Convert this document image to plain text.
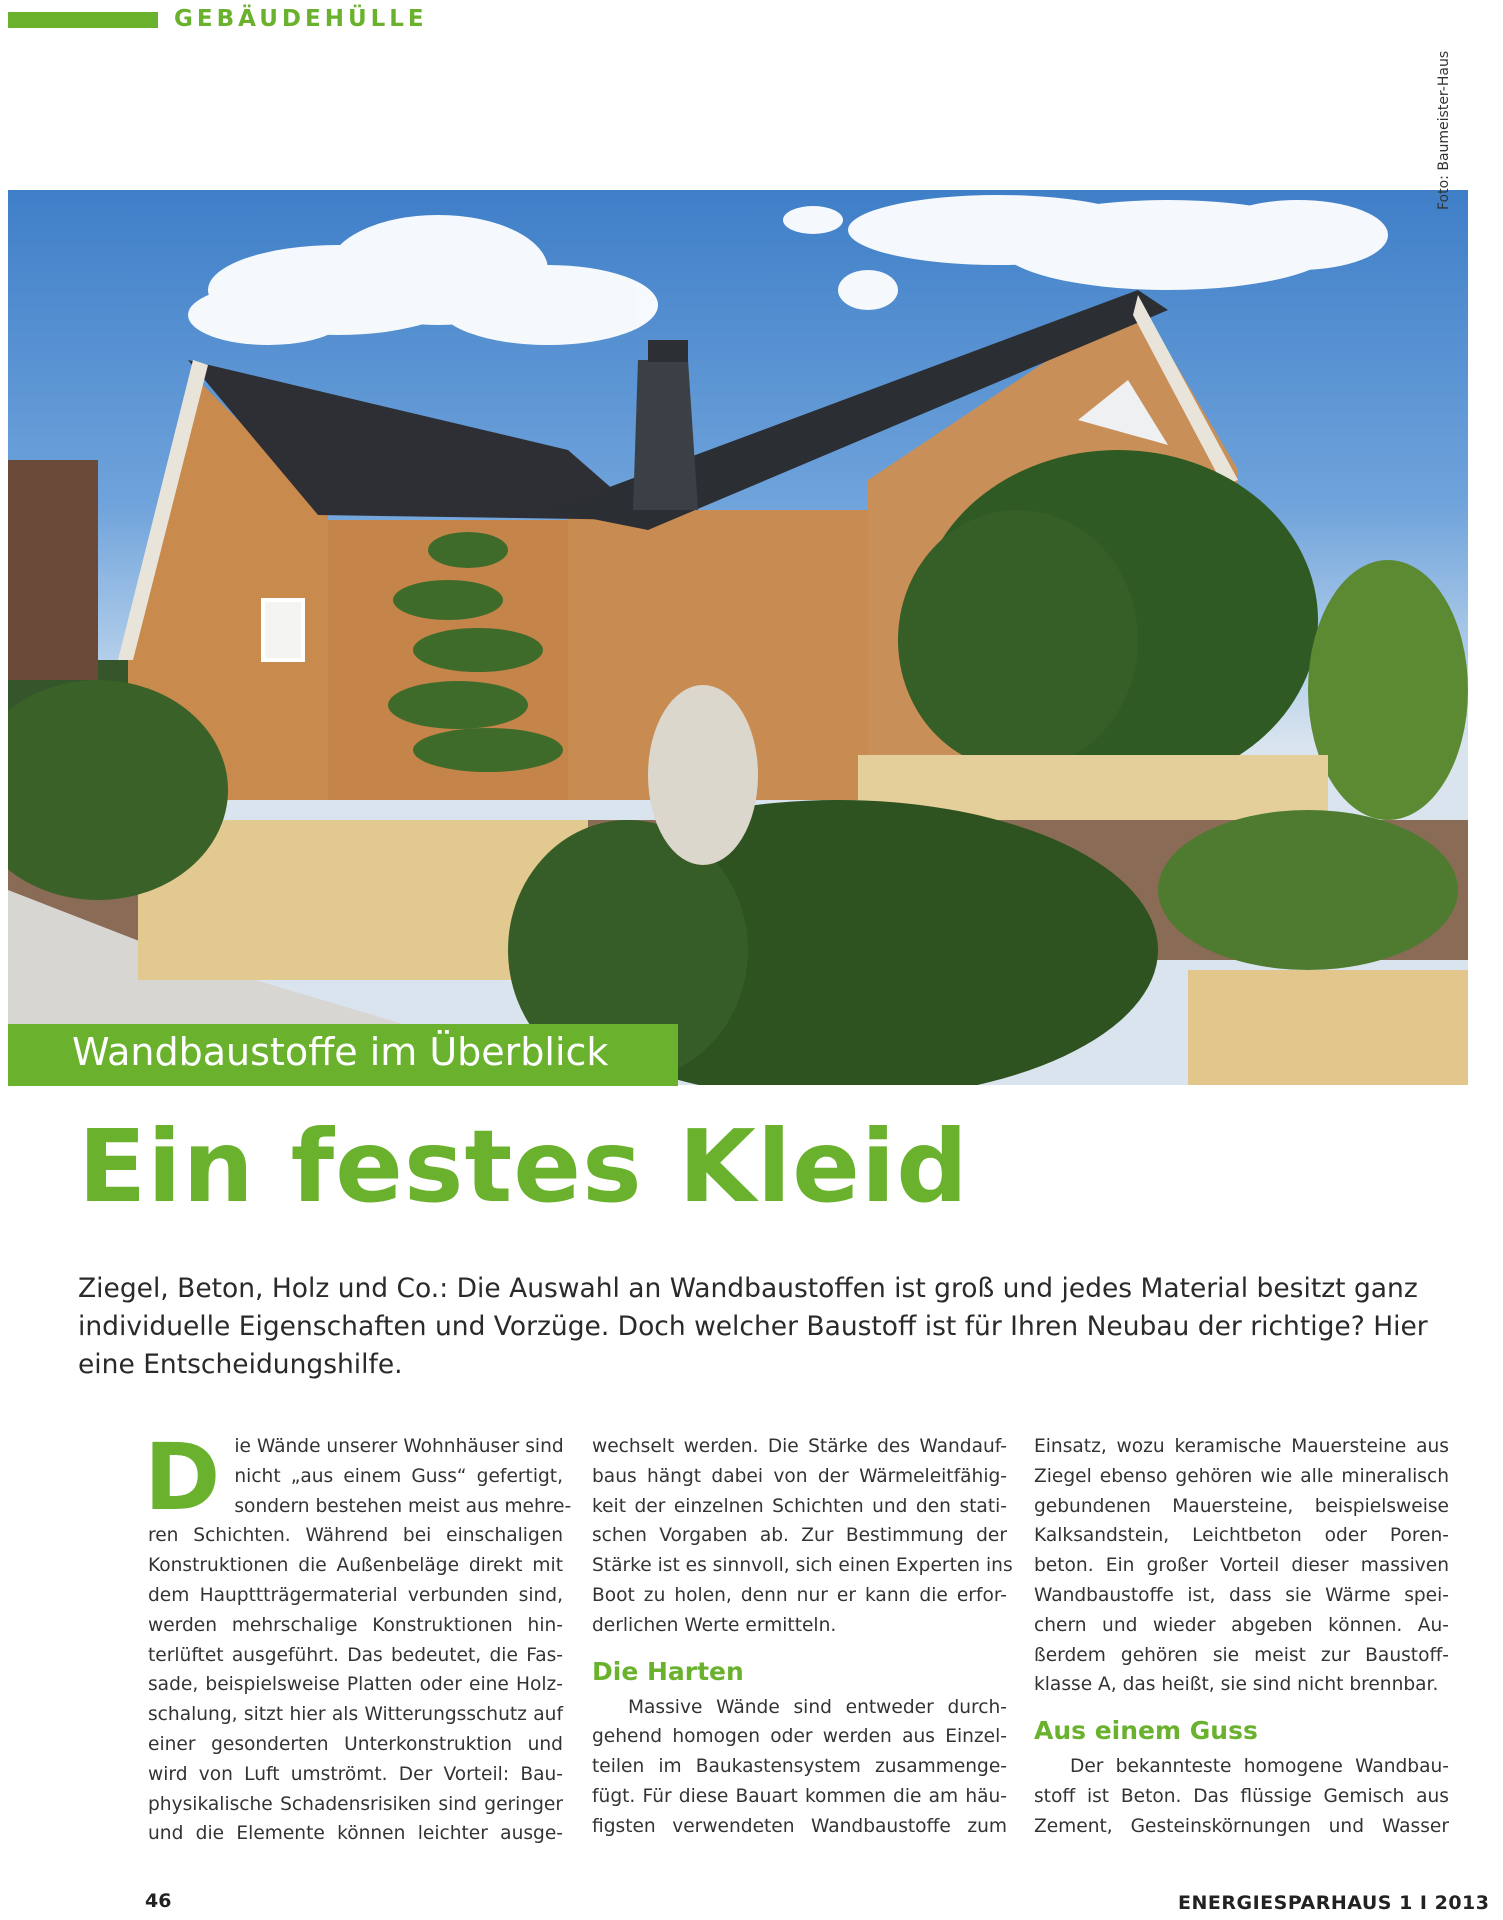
GEBÄUDEHÜLLE
Foto: Baumeister-Haus
Wandbaustoffe im Überblick
Ein festes Kleid
Ziegel, Beton, Holz und Co.: Die Auswahl an Wandbaustoffen ist groß und jedes Material besitzt ganz
individuelle Eigenschaften und Vorzüge. Doch welcher Baustoff ist für Ihren Neubau der richtige? Hier
eine Entscheidungshilfe.
D ie Wände unserer Wohnhäuser sind
nicht „aus einem Guss“ gefertigt,
sondern bestehen meist aus mehre-
ren Schichten. Während bei einschaligen
Konstruktionen die Außenbeläge direkt mit
dem Haupttträgermaterial verbunden sind,
werden mehrschalige Konstruktionen hin-
terlüftet ausgeführt. Das bedeutet, die Fas-
sade, beispielsweise Platten oder eine Holz-
schalung, sitzt hier als Witterungsschutz auf
einer gesonderten Unterkonstruktion und
wird von Luft umströmt. Der Vorteil: Bau-
physikalische Schadensrisiken sind geringer
und die Elemente können leichter ausge-
wechselt werden. Die Stärke des Wandauf-
baus hängt dabei von der Wärmeleitfähig-
keit der einzelnen Schichten und den stati-
schen Vorgaben ab. Zur Bestimmung der
Stärke ist es sinnvoll, sich einen Experten ins
Boot zu holen, denn nur er kann die erfor-
derlichen Werte ermitteln.
Die Harten
Massive Wände sind entweder durch-
gehend homogen oder werden aus Einzel-
teilen im Baukastensystem zusammenge-
fügt. Für diese Bauart kommen die am häu-
figsten verwendeten Wandbaustoffe zum
Einsatz, wozu keramische Mauersteine aus
Ziegel ebenso gehören wie alle mineralisch
gebundenen Mauersteine, beispielsweise
Kalksandstein, Leichtbeton oder Poren-
beton. Ein großer Vorteil dieser massiven
Wandbaustoffe ist, dass sie Wärme spei-
chern und wieder abgeben können. Au-
ßerdem gehören sie meist zur Baustoff-
klasse A, das heißt, sie sind nicht brennbar.
Aus einem Guss
Der bekannteste homogene Wandbau-
stoff ist Beton. Das flüssige Gemisch aus
Zement, Gesteinskörnungen und Wasser
46	ENERGIESPARHAUS 1 I 2013
